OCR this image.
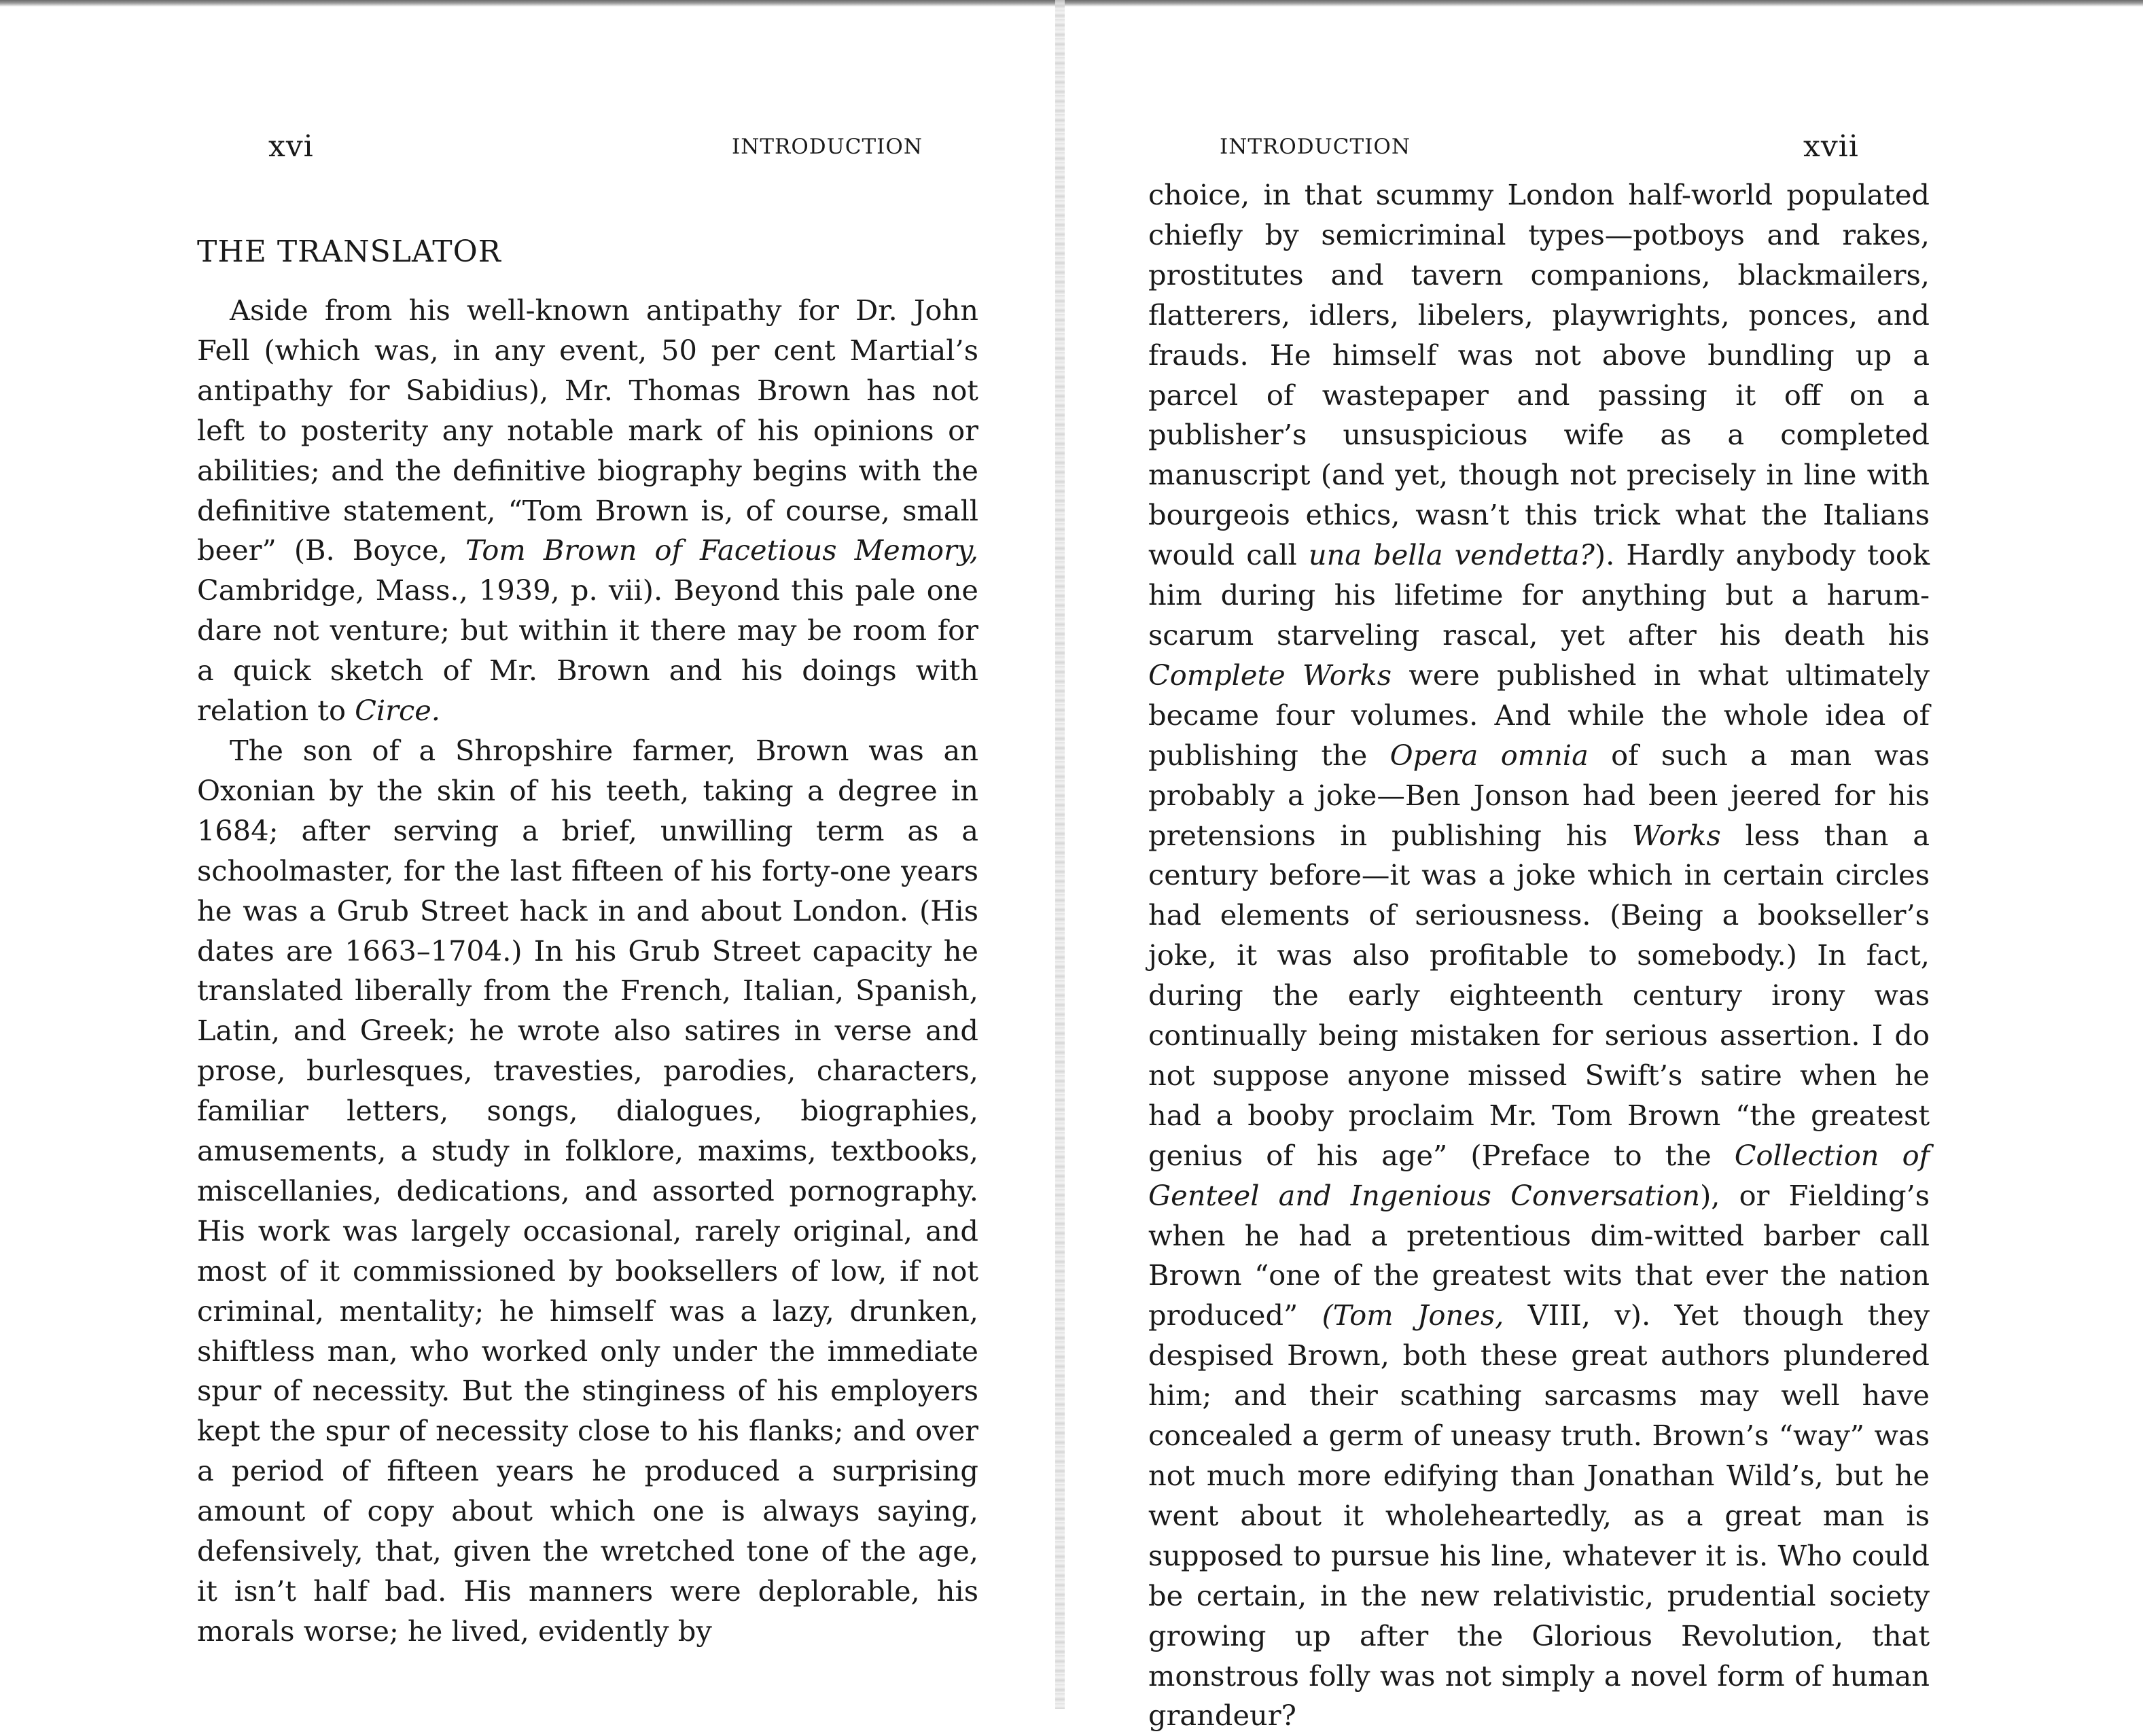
xvi	INTRODUCTION
THE TRANSLATOR

Aside from his well-known antipathy for Dr. John Fell (which was, in any event, 50 per cent Martial’s antipathy for Sabidius), Mr. Thomas Brown has not left to posterity any notable mark of his opinions or abilities; and the definitive biography begins with the definitive statement, “Tom Brown is, of course, small beer” (B. Boyce, Tom Brown of Facetious Memory, Cambridge, Mass., 1939, p. vii). Beyond this pale one dare not venture; but within it there may be room for a quick sketch of Mr. Brown and his doings with relation to Circe.

The son of a Shropshire farmer, Brown was an Oxonian by the skin of his teeth, taking a degree in 1684; after serving a brief, unwilling term as a schoolmaster, for the last fifteen of his forty-one years he was a Grub Street hack in and about London. (His dates are 1663–1704.) In his Grub Street capacity he translated liberally from the French, Italian, Spanish, Latin, and Greek; he wrote also satires in verse and prose, burlesques, travesties, parodies, characters, familiar letters, songs, dialogues, biographies, amusements, a study in folklore, maxims, textbooks, miscellanies, dedications, and assorted pornography. His work was largely occasional, rarely original, and most of it commissioned by booksellers of low, if not criminal, mentality; he himself was a lazy, drunken, shiftless man, who worked only under the immediate spur of necessity. But the stinginess of his employers kept the spur of necessity close to his flanks; and over a period of fifteen years he produced a surprising amount of copy about which one is always saying, defensively, that, given the wretched tone of the age, it isn’t half bad. His manners were deplorable, his morals worse; he lived, evidently by

INTRODUCTION	xvii

choice, in that scummy London half-world populated chiefly by semicriminal types—potboys and rakes, prostitutes and tavern companions, blackmailers, flatterers, idlers, libelers, playwrights, ponces, and frauds. He himself was not above bundling up a parcel of wastepaper and passing it off on a publisher’s unsuspicious wife as a completed manuscript (and yet, though not precisely in line with bourgeois ethics, wasn’t this trick what the Italians would call una bella vendetta?). Hardly anybody took him during his lifetime for anything but a harum-scarum starveling rascal, yet after his death his Complete Works were published in what ultimately became four volumes. And while the whole idea of publishing the Opera omnia of such a man was probably a joke—Ben Jonson had been jeered for his pretensions in publishing his Works less than a century before—it was a joke which in certain circles had elements of seriousness. (Being a bookseller’s joke, it was also profitable to somebody.) In fact, during the early eighteenth century irony was continually being mistaken for serious assertion. I do not suppose anyone missed Swift’s satire when he had a booby proclaim Mr. Tom Brown “the greatest genius of his age” (Preface to the Collection of Genteel and Ingenious Conversation), or Fielding’s when he had a pretentious dim-witted barber call Brown “one of the greatest wits that ever the nation produced” (Tom Jones, VIII, v). Yet though they despised Brown, both these great authors plundered him; and their scathing sarcasms may well have concealed a germ of uneasy truth. Brown’s “way” was not much more edifying than Jonathan Wild’s, but he went about it wholeheartedly, as a great man is supposed to pursue his line, whatever it is. Who could be certain, in the new relativistic, prudential society growing up after the Glorious Revolution, that monstrous folly was not simply a novel form of human grandeur?
